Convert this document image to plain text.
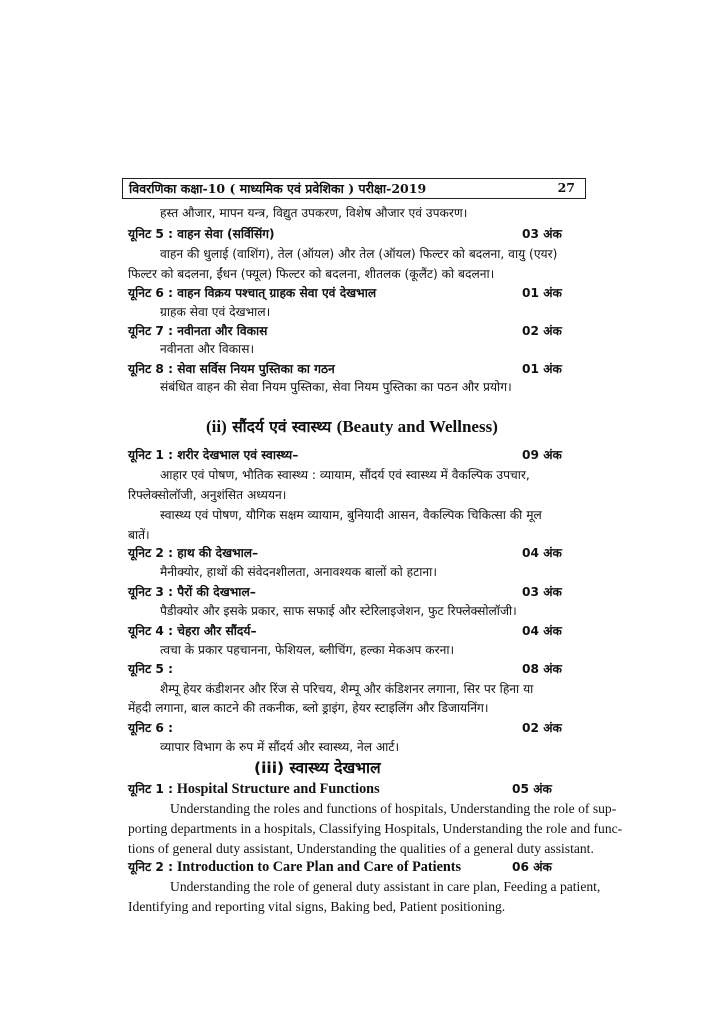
विवरणिका कक्षा-10 ( माध्यमिक एवं प्रवेशिका ) परीक्षा-2019	27
हस्त औजार, मापन यन्त्र, विद्युत उपकरण, विशेष औजार एवं उपकरण।
यूनिट 5 : वाहन सेवा (सर्विसिंग)	03 अंक
वाहन की धुलाई (वाशिंग), तेल (ऑयल) और तेल (ऑयल) फिल्टर को बदलना, वायु (एयर)
फिल्टर को बदलना, ईंधन (फ्यूल) फिल्टर को बदलना, शीतलक (कूलैंट) को बदलना।
यूनिट 6 : वाहन विक्रय पश्चात् ग्राहक सेवा एवं देखभाल	01 अंक
ग्राहक सेवा एवं देखभाल।
यूनिट 7 : नवीनता और विकास	02 अंक
नवीनता और विकास।
यूनिट 8 : सेवा सर्विस नियम पुस्तिका का गठन	01 अंक
संबंधित वाहन की सेवा नियम पुस्तिका, सेवा नियम पुस्तिका का पठन और प्रयोग।
(ii) सौंदर्य एवं स्वास्थ्य (Beauty and Wellness)
यूनिट 1 : शरीर देखभाल एवं स्वास्थ्य–	09 अंक
आहार एवं पोषण, भौतिक स्वास्थ्य : व्यायाम, सौंदर्य एवं स्वास्थ्य में वैकल्पिक उपचार,
रिफ्लेक्सोलॉजी, अनुशंसित अध्ययन।
स्वास्थ्य एवं पोषण, यौगिक सक्षम व्यायाम, बुनियादी आसन, वैकल्पिक चिकित्सा की मूल
बातें।
यूनिट 2 : हाथ की देखभाल–	04 अंक
मैनीक्योर, हाथों की संवेदनशीलता, अनावश्यक बालों को हटाना।
यूनिट 3 : पैरों की देखभाल–	03 अंक
पैडीक्योर और इसके प्रकार, साफ सफाई और स्टेरिलाइजेशन, फुट रिफ्लेक्सोलॉजी।
यूनिट 4 : चेहरा और सौंदर्य–	04 अंक
त्वचा के प्रकार पहचानना, फेशियल, ब्लीचिंग, हल्का मेकअप करना।
यूनिट 5 :	08 अंक
शैम्पू हेयर कंडीशनर और रिंज से परिचय, शैम्पू और कंडिशनर लगाना, सिर पर हिना या
मेंहदी लगाना, बाल काटने की तकनीक, ब्लो ड्राइंग, हेयर स्टाइलिंग और डिजायनिंग।
यूनिट 6 :	02 अंक
व्यापार विभाग के रुप में सौंदर्य और स्वास्थ्य, नेल आर्ट।
(iii) स्वास्थ्य देखभाल
यूनिट 1 : Hospital Structure and Functions	05 अंक
Understanding the roles and functions of hospitals, Understanding the role of sup-
porting departments in a hospitals, Classifying Hospitals, Understanding the role and func-
tions of general duty assistant, Understanding the qualities of a general duty assistant.
यूनिट 2 : Introduction to Care Plan and Care of Patients	06 अंक
Understanding the role of general duty assistant in care plan, Feeding a patient,
Identifying and reporting vital signs, Baking bed, Patient positioning.
